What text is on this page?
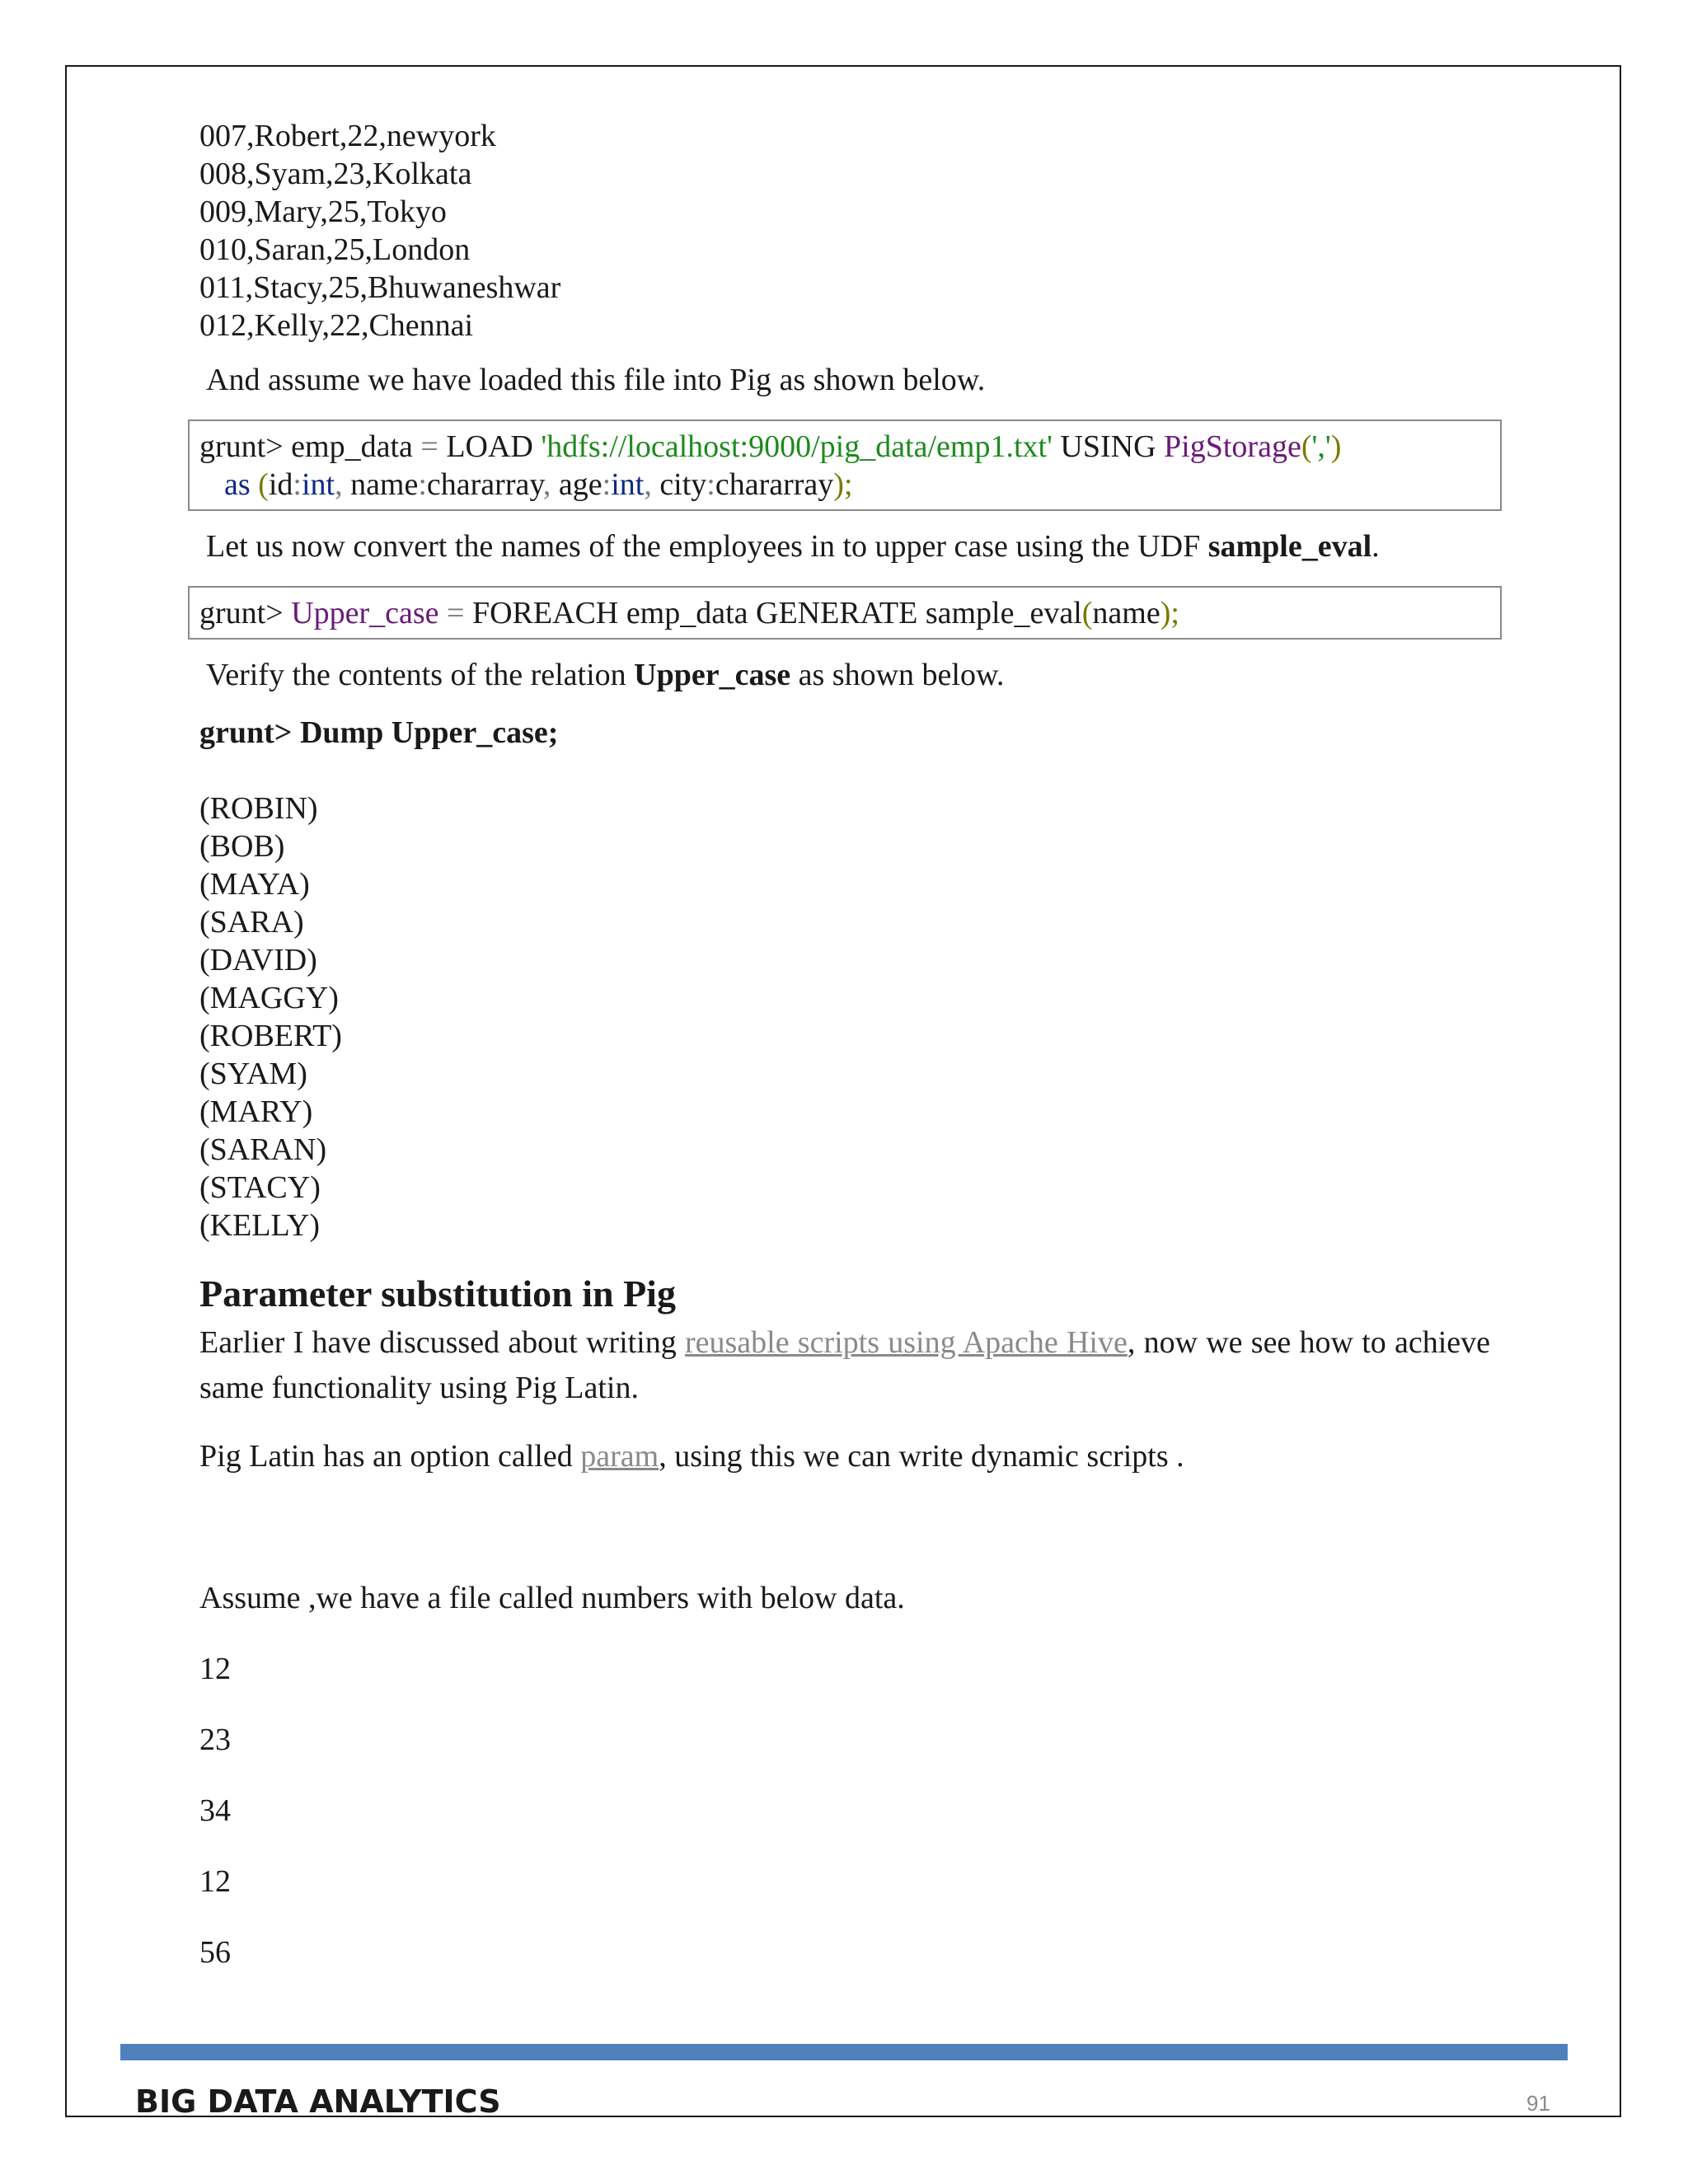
007,Robert,22,newyork
008,Syam,23,Kolkata
009,Mary,25,Tokyo
010,Saran,25,London
011,Stacy,25,Bhuwaneshwar
012,Kelly,22,Chennai
And assume we have loaded this file into Pig as shown below.
grunt> emp_data = LOAD 'hdfs://localhost:9000/pig_data/emp1.txt' USING PigStorage(',')
as (id:int, name:chararray, age:int, city:chararray);
Let us now convert the names of the employees in to upper case using the UDF sample_eval.
grunt> Upper_case = FOREACH emp_data GENERATE sample_eval(name);
Verify the contents of the relation Upper_case as shown below.
grunt> Dump Upper_case;
(ROBIN)
(BOB)
(MAYA)
(SARA)
(DAVID)
(MAGGY)
(ROBERT)
(SYAM)
(MARY)
(SARAN)
(STACY)
(KELLY)
Parameter substitution in Pig
Earlier I have discussed about writing reusable scripts using Apache Hive, now we see how to achieve same functionality using Pig Latin.
Pig Latin has an option called param, using this we can write dynamic scripts .
Assume ,we have a file called numbers with below data.
12
23
34
12
56
BIG DATA ANALYTICS	91
